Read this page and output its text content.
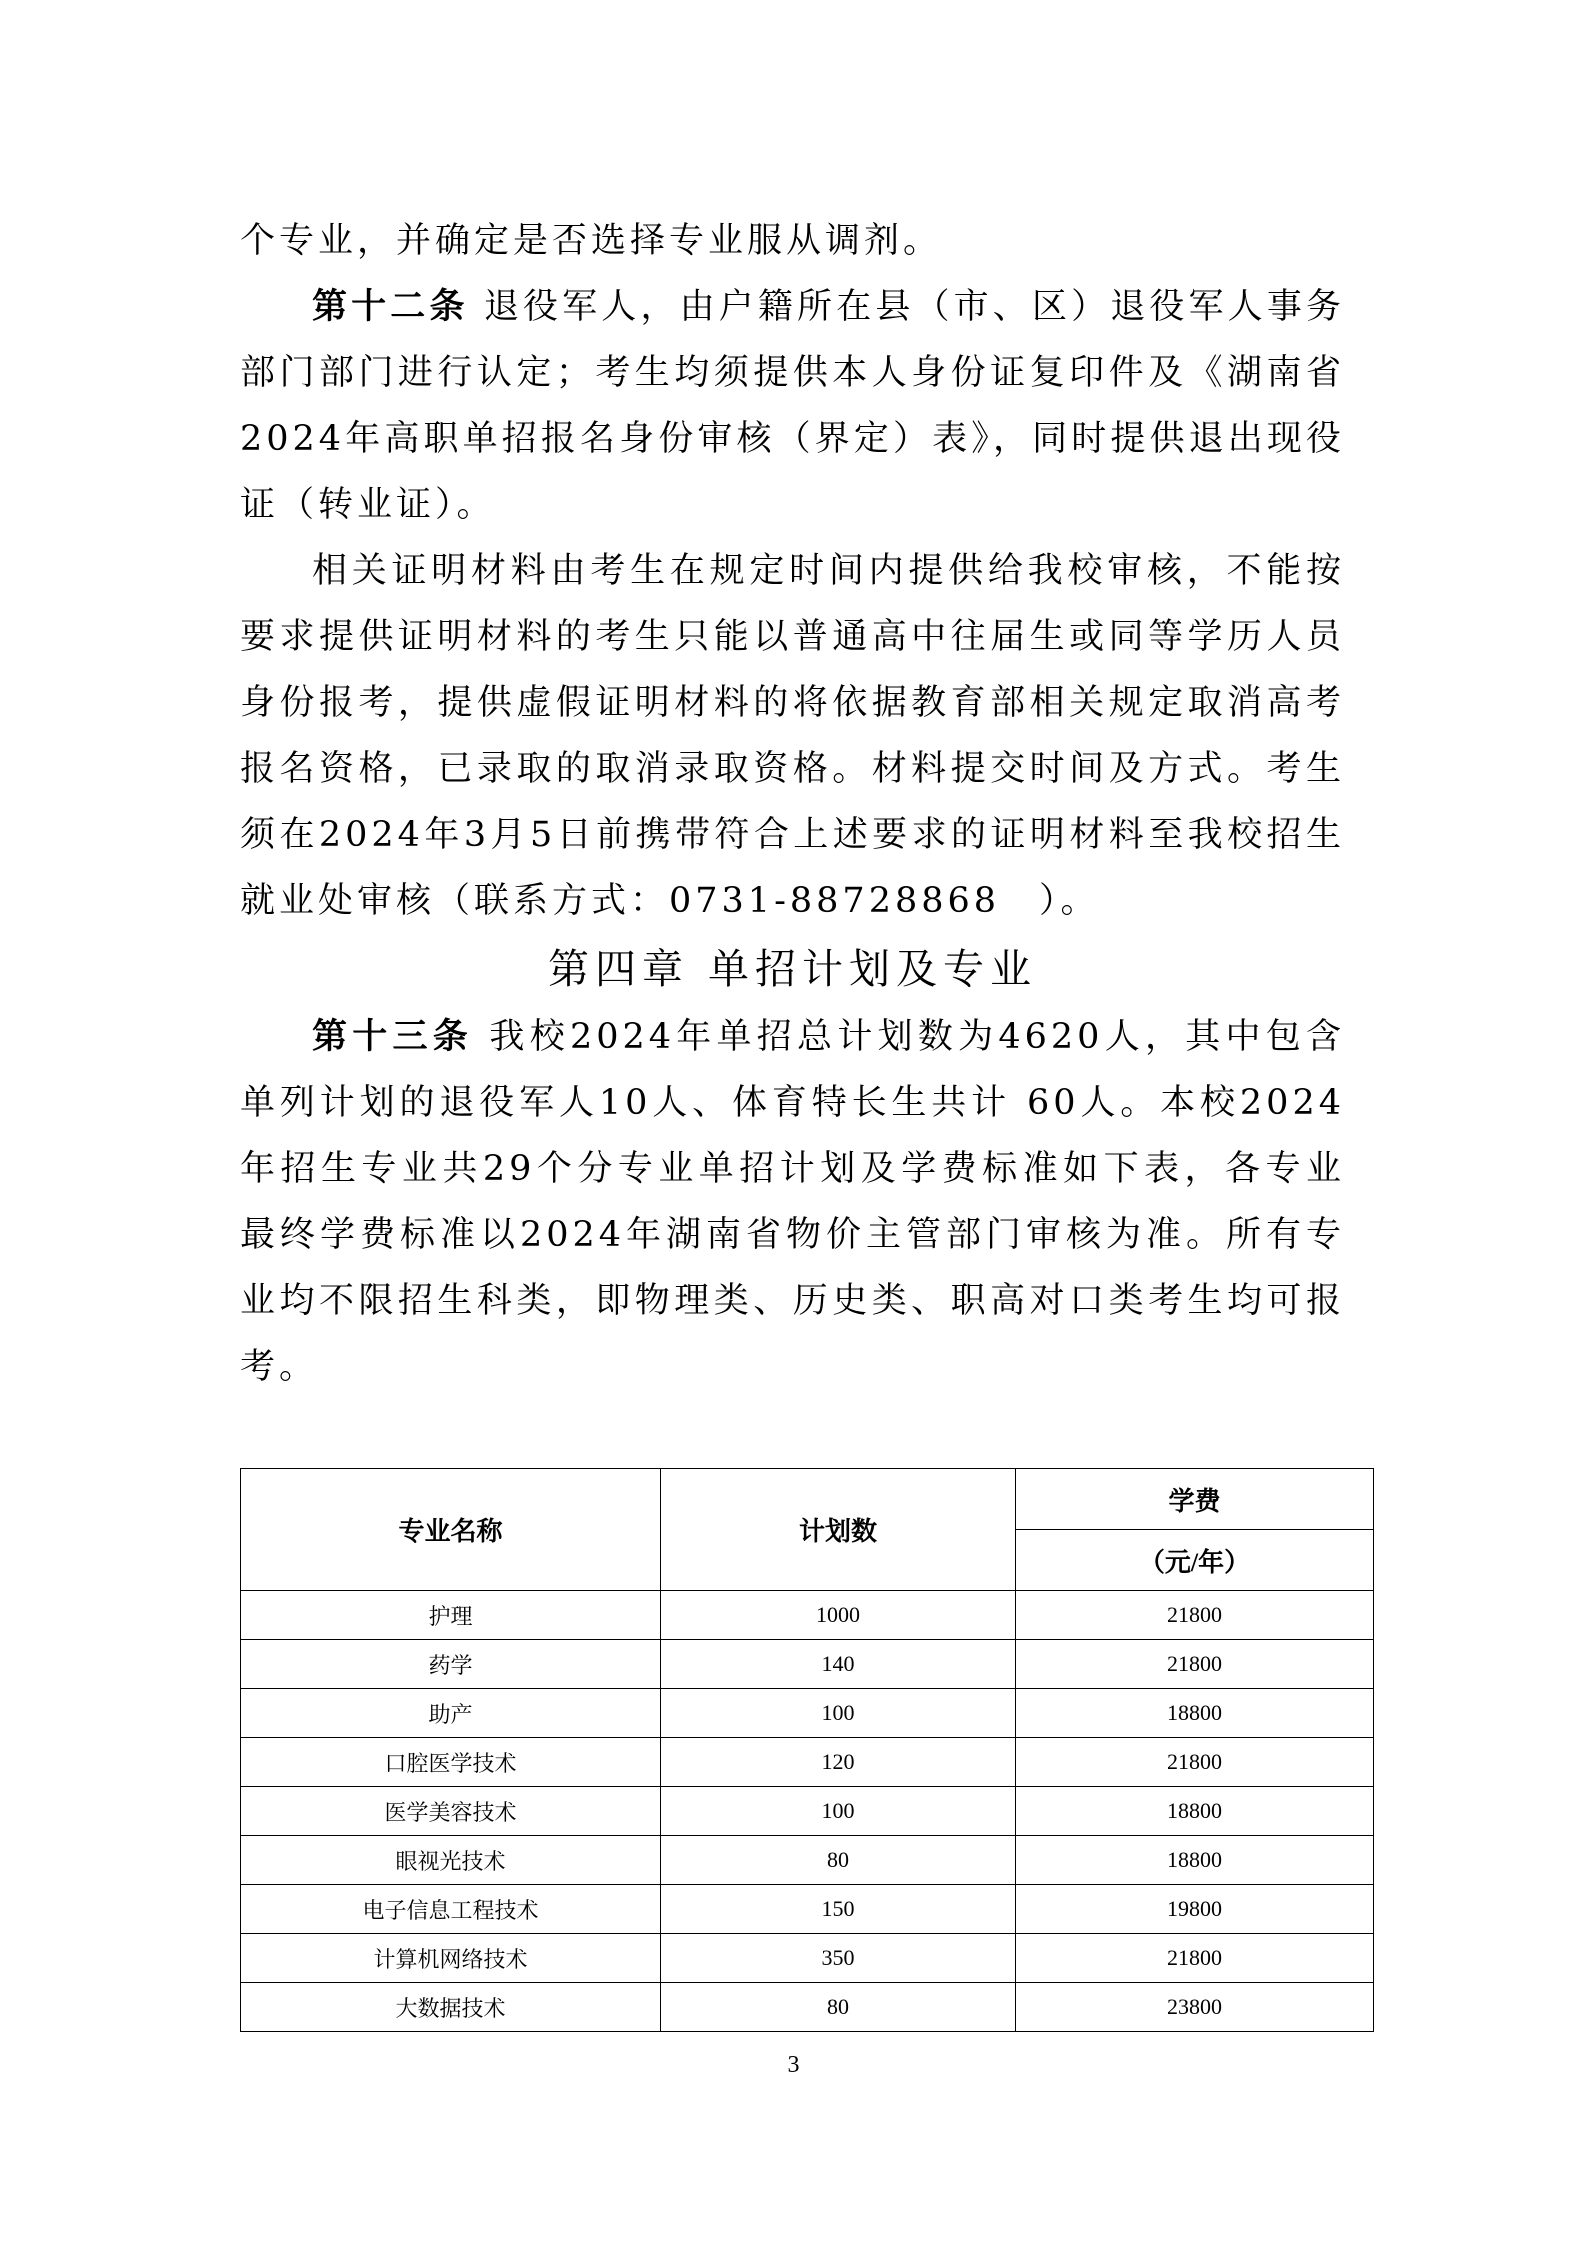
个专业，并确定是否选择专业服从调剂。

第十二条 退役军人，由户籍所在县（市、区）退役军人事务部门部门进行认定；考生均须提供本人身份证复印件及《湖南省2024年高职单招报名身份审核（界定）表》，同时提供退出现役证（转业证）。

相关证明材料由考生在规定时间内提供给我校审核，不能按要求提供证明材料的考生只能以普通高中往届生或同等学历人员身份报考，提供虚假证明材料的将依据教育部相关规定取消高考报名资格，已录取的取消录取资格。材料提交时间及方式。考生须在2024年3月5日前携带符合上述要求的证明材料至我校招生就业处审核（联系方式：0731-88728868　）。

第四章 单招计划及专业

第十三条 我校2024年单招总计划数为4620人，其中包含单列计划的退役军人10人、体育特长生共计 60人。本校2024年招生专业共29个分专业单招计划及学费标准如下表，各专业最终学费标准以2024年湖南省物价主管部门审核为准。所有专业均不限招生科类，即物理类、历史类、职高对口类考生均可报考。

专业名称	计划数	学费
		（元/年）
护理	1000	21800
药学	140	21800
助产	100	18800
口腔医学技术	120	21800
医学美容技术	100	18800
眼视光技术	80	18800
电子信息工程技术	150	19800
计算机网络技术	350	21800
大数据技术	80	23800
3
